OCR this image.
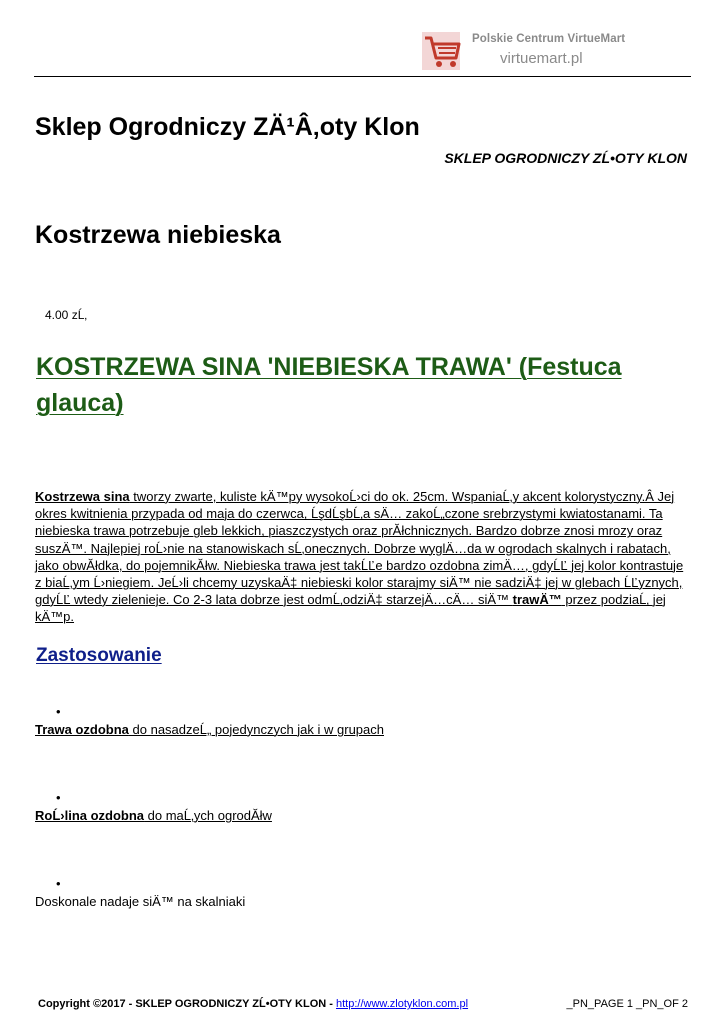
Polskie Centrum VirtueMart
virtuemart.pl
Sklep Ogrodniczy ZÄ¹Â‚oty Klon
SKLEP OGRODNICZY ZĹ•OTY KLON
Kostrzewa niebieska
4.00 zĹ‚
KOSTRZEWA SINA 'NIEBIESKA TRAWA' (Festuca glauca)

Kostrzewa sina tworzy zwarte, kuliste kÄ™py wysokoĹ›ci do ok. 25cm. WspaniaĹ‚y akcent kolorystyczny.Â Jej okres kwitnienia przypada od maja do czerwca, ĹşdĹşbĹ‚a sÄ… zakoĹ„czone srebrzystymi kwiatostanami. Ta niebieska trawa potrzebuje gleb lekkich, piaszczystych oraz prĂłchnicznych. Bardzo dobrze znosi mrozy oraz suszÄ™. Najlepiej roĹ›nie na stanowiskach sĹ‚onecznych. Dobrze wyglÄ…da w ogrodach skalnych i rabatach, jako obwĂłdka, do pojemnikĂłw. Niebieska trawa jest takĹĽe bardzo ozdobna zimÄ…, gdyĹĽ jej kolor kontrastuje z biaĹ‚ym Ĺ›niegiem. JeĹ›li chcemy uzyskaÄ‡ niebieski kolor starajmy siÄ™ nie sadziÄ‡ jej w glebach ĹĽyznych, gdyĹĽ wtedy zielenieje. Co 2-3 lata dobrze jest odmĹ‚odziÄ‡ starzejÄ…cÄ… siÄ™ trawÄ™ przez podziaĹ‚ jej kÄ™p.

Zastosowanie
•
Trawa ozdobna do nasadzeĹ„ pojedynczych jak i w grupach
•
RoĹ›lina ozdobna do maĹ‚ych ogrodĂłw
•
Doskonale nadaje siÄ™ na skalniaki
Copyright ©2017 - SKLEP OGRODNICZY ZĹ•OTY KLON - http://www.zlotyklon.com.pl	_PN_PAGE 1 _PN_OF 2
